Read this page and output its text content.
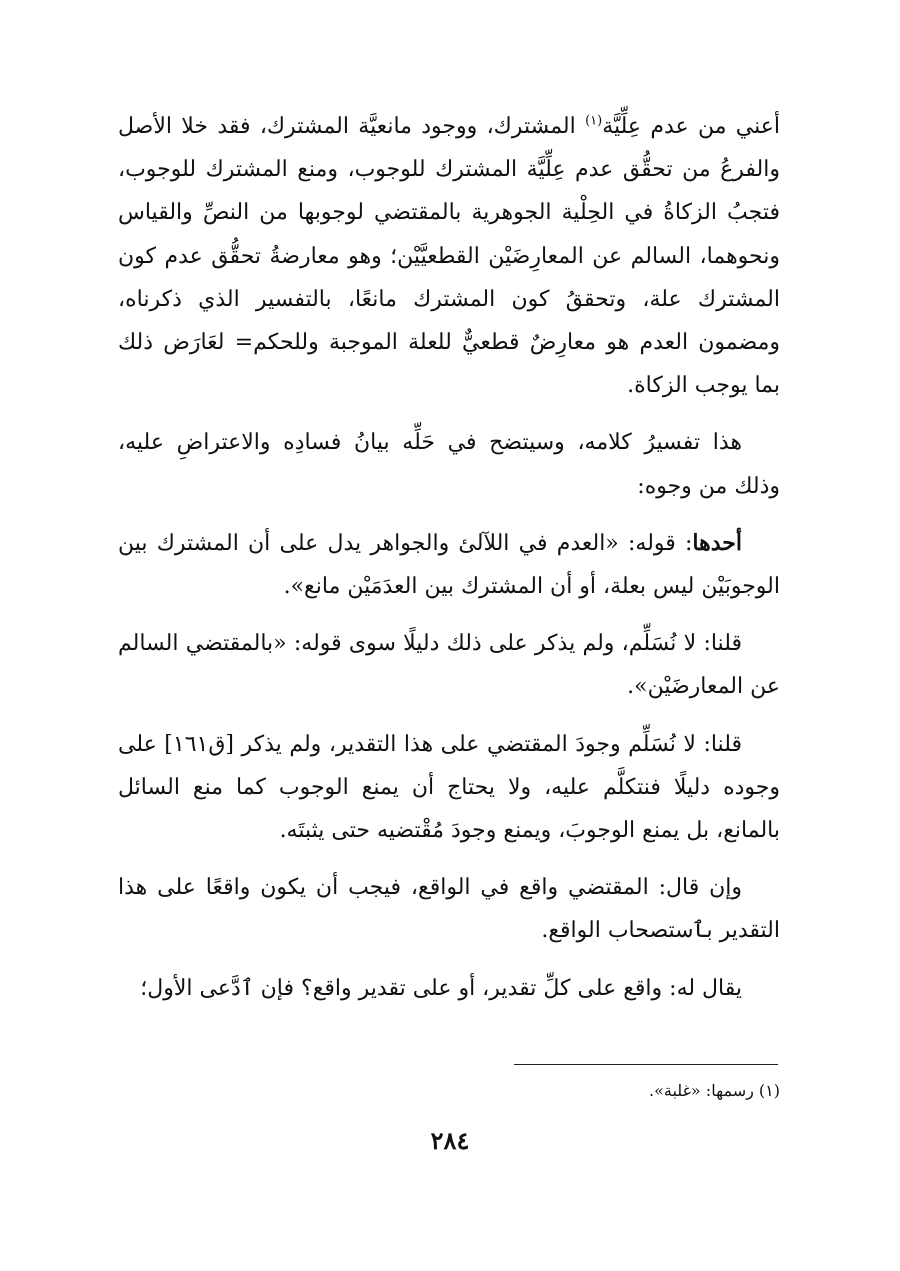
أعني من عدم عِلِّيَّة$^{(١)}$ المشترك، ووجود مانعيَّة المشترك، فقد خلا الأصل والفرعُ من تحقُّق عدم عِلِّيَّة المشترك للوجوب، ومنع المشترك للوجوب، فتجبُ الزكاةُ في الحِلْية الجوهرية بالمقتضي لوجوبها من النصِّ والقياس ونحوهما، السالم عن المعارِضَيْن القطعيَّيْن؛ وهو معارضةُ تحقُّق عدم كون المشترك علة، وتحققُ كون المشترك مانعًا، بالتفسير الذي ذكرناه، ومضمون العدم هو معارِضٌ قطعيٌّ للعلة الموجبة وللحكم= لعَارَض ذلك بما يوجب الزكاة.

هذا تفسيرُ كلامه، وسيتضح في حَلِّه بيانُ فسادِه والاعتراضِ عليه، وذلك من وجوه:

أحدها: قوله: «العدم في اللآلئ والجواهر يدل على أن المشترك بين الوجوبَيْن ليس بعلة، أو أن المشترك بين العدَمَيْن مانع».

قلنا: لا نُسَلِّم، ولم يذكر على ذلك دليلًا سوى قوله: «بالمقتضي السالم عن المعارضَيْن».

قلنا: لا نُسَلِّم وجودَ المقتضي على هذا التقدير، ولم يذكر [ق١٦١] على وجوده دليلًا فنتكلَّم عليه، ولا يحتاج أن يمنع الوجوب كما منع السائل بالمانع، بل يمنع الوجوبَ، ويمنع وجودَ مُقْتضيه حتى يثبتَه.

وإن قال: المقتضي واقع في الواقع، فيجب أن يكون واقعًا على هذا التقدير بٱستصحاب الواقع.

يقال له: واقع على كلِّ تقدير، أو على تقدير واقع؟ فإن ٱدَّعى الأول؛

(١) رسمها: «غلبة».
٢٨٤
